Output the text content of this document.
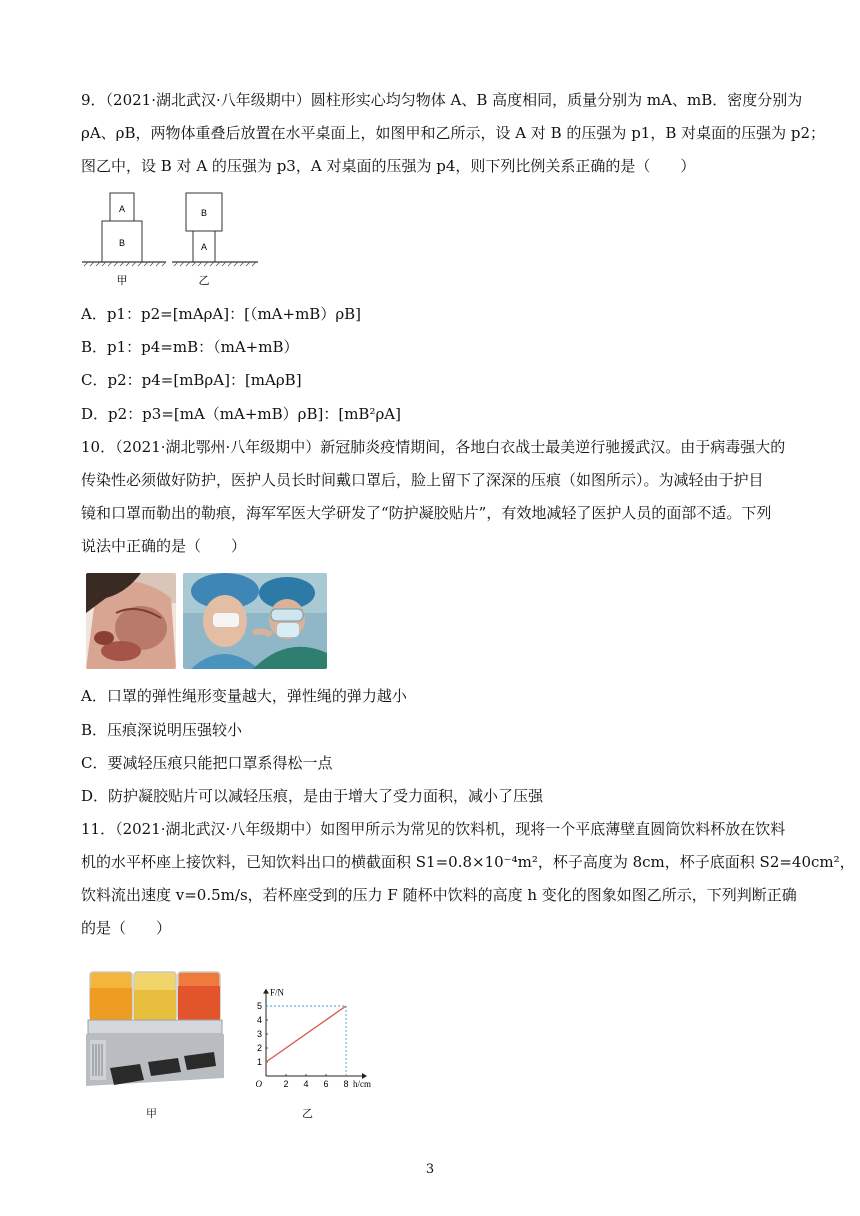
9．（2021·湖北武汉·八年级期中）圆柱形实心均匀物体 A、B 高度相同，质量分别为 mA、mB．密度分别为
ρA、ρB，两物体重叠后放置在水平桌面上，如图甲和乙所示，设 A 对 B 的压强为 p1，B 对桌面的压强为 p2；
图乙中，设 B 对 A 的压强为 p3，A 对桌面的压强为 p4，则下列比例关系正确的是（　　）
A
B
甲
B
A
乙
A．p1：p2=[mAρA]：[（mA+mB）ρB]
B．p1：p4=mB：（mA+mB）
C．p2：p4=[mBρA]：[mAρB]
D．p2：p3=[mA（mA+mB）ρB]：[mB²ρA]
10．（2021·湖北鄂州·八年级期中）新冠肺炎疫情期间，各地白衣战士最美逆行驰援武汉。由于病毒强大的
传染性必须做好防护，医护人员长时间戴口罩后，脸上留下了深深的压痕（如图所示）。为减轻由于护目
镜和口罩而勒出的勒痕，海军军医大学研发了“防护凝胶贴片”，有效地减轻了医护人员的面部不适。下列
说法中正确的是（　　）
A．口罩的弹性绳形变量越大，弹性绳的弹力越小
B．压痕深说明压强较小
C．要减轻压痕只能把口罩系得松一点
D．防护凝胶贴片可以减轻压痕，是由于增大了受力面积，减小了压强
11．（2021·湖北武汉·八年级期中）如图甲所示为常见的饮料机，现将一个平底薄壁直圆筒饮料杯放在饮料
机的水平杯座上接饮料，已知饮料出口的横截面积 S1=0.8×10⁻⁴m²，杯子高度为 8cm，杯子底面积 S2=40cm²，
饮料流出速度 v=0.5m/s，若杯座受到的压力 F 随杯中饮料的高度 h 变化的图象如图乙所示，下列判断正确
的是（　　）
甲
2 4 6 8
1
2
3
4
5
O	h/cm
F/N
乙
3
